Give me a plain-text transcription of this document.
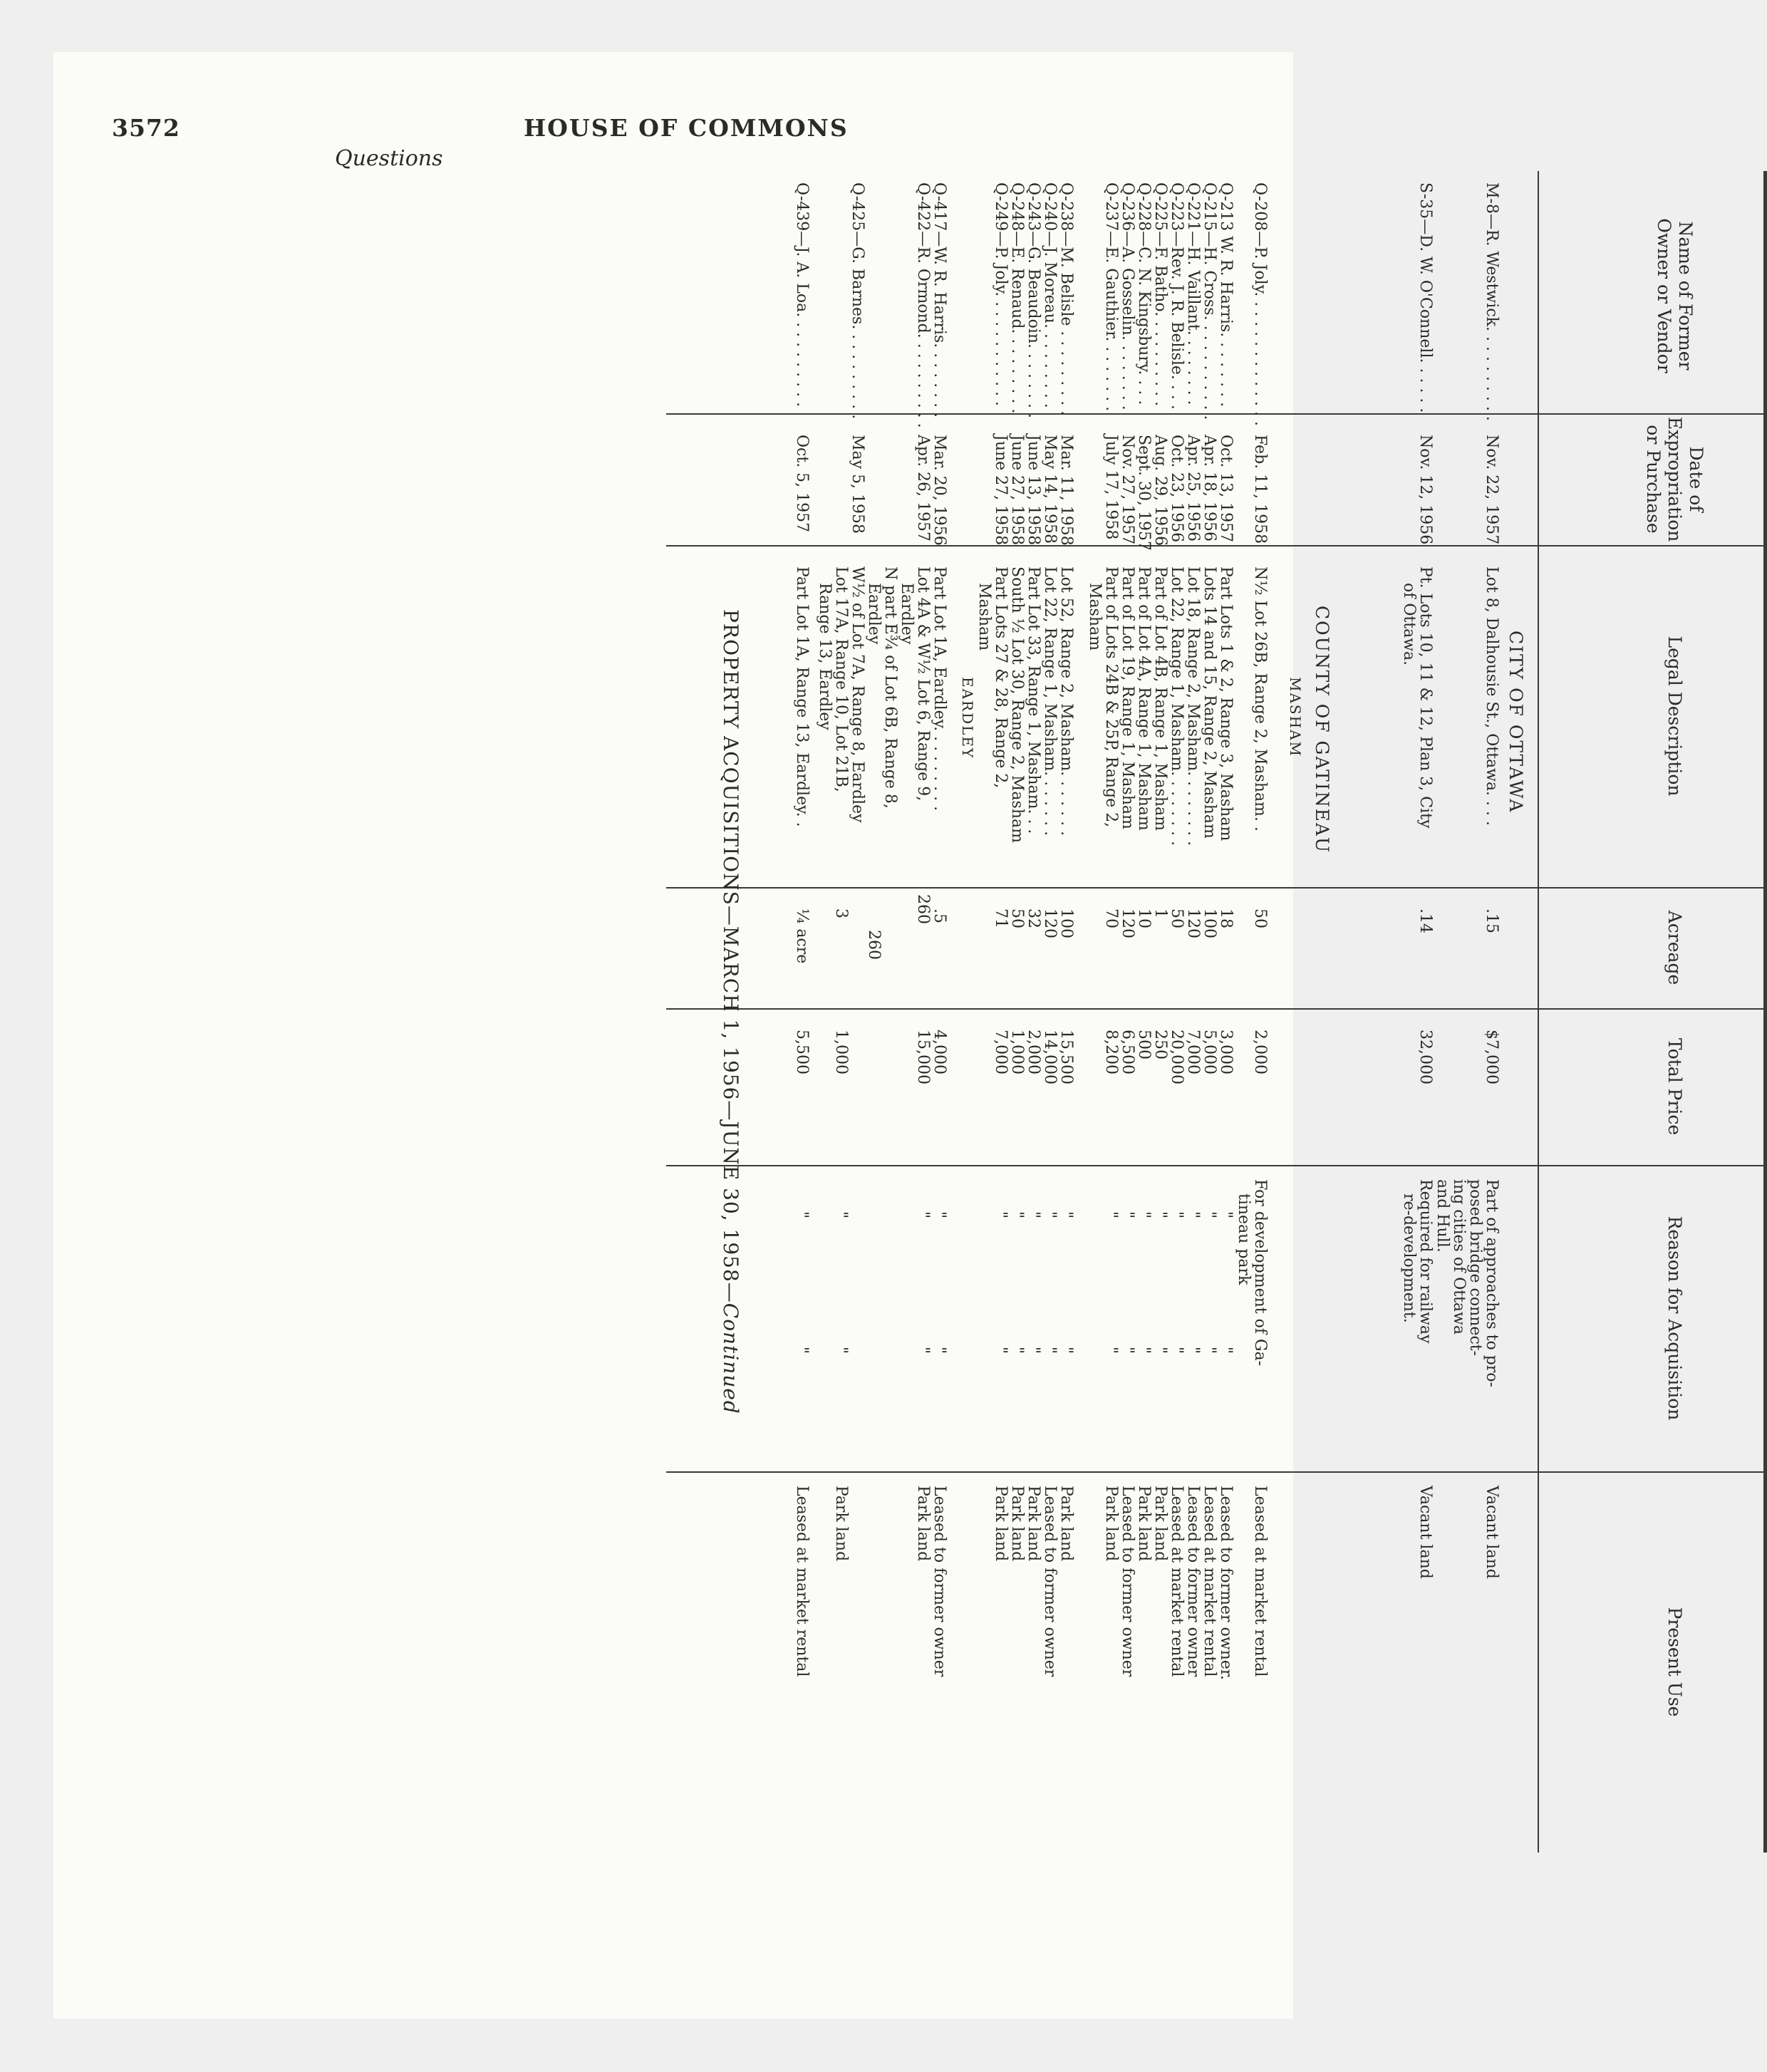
3572	HOUSE OF COMMONS
Questions
Name of Former
Owner or Vendor
Date of
Expropriation
or Purchase
Legal Description
Acreage
Total Price
Reason for Acquisition
Present Use
CITY OF OTTAWA
COUNTY OF GATINEAU
MASHAM
EARDLEY
M-8—R. Westwick. . . . . . . . . .
Nov. 22, 1957
Lot 8, Dalhousie St., Ottawa. . . .
.15
$7,000
Part of approaches to pro-
posed bridge connect-
ing cities of Ottawa
and Hull.
Vacant land
S-35—D. W. O'Connell. . . . . .
Nov. 12, 1956
Pt. Lots 10, 11 & 12, Plan 3, City
of Ottawa.
.14
32,000
Required for railway
re-development.
Vacant land
Q-208—P. Joly. . . . . . . . . . . . . .
Feb. 11, 1958
N½ Lot 26B, Range 2, Masham. .
50
2,000
For development of Ga-
tineau park
Leased at market rental
Q-213 W. R. Harris. . . . . . . .
Oct. 13, 1957
Part Lots 1 & 2, Range 3, Masham
18
3,000
"
"
Leased to former owner.
Q-215—H. Cross. . . . . . . . . . .
Apr. 18, 1956
Lots 14 and 15, Range 2, Masham
100
5,000
"
"
Leased at market rental
Q-221—H. Vaillant. . . . . . . .
Apr. 25, 1956
Lot 18, Range 2, Masham. . . . . . . .
120
7,000
"
"
Leased to former owner
Q-223—Rev. J. R. Belisle. . . .
Oct. 23, 1956
Lot 22, Range 1, Masham. . . . . . . .
50
20,000
"
"
Leased at market rental
Q-225—F. Batho. . . . . . . . . .
Aug. 29, 1956
Part of Lot 4B, Range 1, Masham
1
250
"
"
Park land
Q-228—C. N. Kingsbury. . . .
Sept. 30, 1957
Part of Lot 4A, Range 1, Masham
10
500
"
"
Park land
Q-236—A. Gosselin. . . . . . . .
Nov. 27, 1957
Part of Lot 19, Range 1, Masham
120
6,500
"
"
Leased to former owner
Q-237—E. Gauthier. . . . . . . .
July 17, 1958
Part of Lots 24B & 25P, Range 2,
Masham
70
8,200
"
"
Park land
Q-238—M. Belisle . . . . . . . . .
Mar. 11, 1958
Lot 52, Range 2, Masham. . . . . . .
100
15,500
"
"
Park land
Q-240—J. Moreau. . . . . . . . .
May 14, 1958
Lot 22, Range 1, Masham. . . . . . .
120
14,000
"
"
Leased to former owner
Q-243—G. Beaudoin. . . . . . . .
June 13, 1958
Part Lot 33, Range 1, Masham. . .
32
2,000
"
"
Park land
Q-248—E. Renaud. . . . . . . . .
June 27, 1958
South ½ Lot 30, Range 2, Masham
50
1,000
"
"
Park land
Q-249—P. Joly. . . . . . . . . . . .
June 27, 1958
Part Lots 27 & 28, Range 2,
Masham
71
7,000
"
"
Park land
Q-417—W. R. Harris. . . . . . . .
Mar. 20, 1956
Part Lot 1A, Eardley. . . . . . . . .
.5
4,000
"
"
Leased to former owner
Q-422—R. Ormond. . . . . . . . . .
Apr. 26, 1957
Lot 4A & W½ Lot 6, Range 9,
Eardley
N part E¾ of Lot 6B, Range 8,
Eardley
260
260
15,000
"
"
Park land
Q-425—G. Barnes. . . . . . . . . .
May 5, 1958
W½ of Lot 7A, Range 8, Eardley
Lot 17A, Range 10, Lot 21B,
Range 13, Eardley
3
1,000
"
"
Park land
Q-439—J. A. Loa. . . . . . . . . .
Oct. 5, 1957
Part Lot 1A, Range 13, Eardley. .
¼ acre
5,500
"
"
Leased at market rental
PROPERTY ACQUISITIONS—MARCH 1, 1956—JUNE 30, 1958—Continued
